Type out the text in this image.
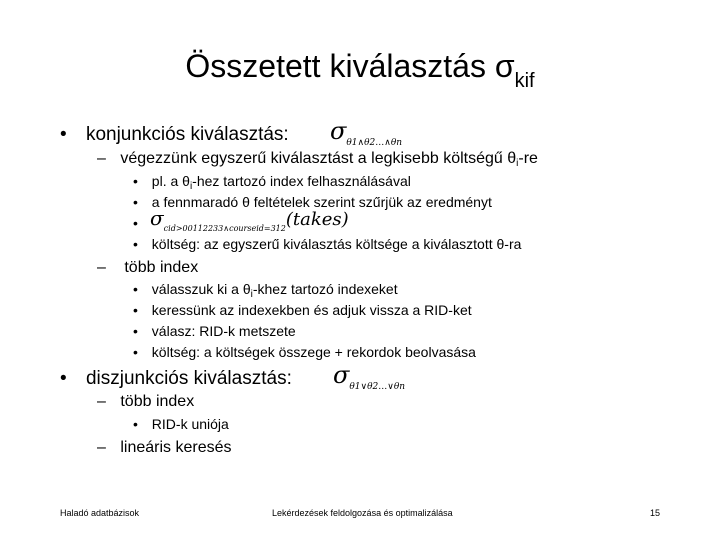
Összetett kiválasztás $\sigma_{kif}$
• konjunkciós kiválasztás: $\sigma_{\theta 1\wedge\theta 2\dots\wedge\theta n}$
– végezzünk egyszerű kiválasztást a legkisebb költségű θi-re
• pl. a $\theta_i$-hez tartozó index felhasználásával
• a fennmaradó θ feltételek szerint szűrjük az eredményt
• $\sigma_{cid>00112233\wedge courseid=312}(takes)$
• költség: az egyszerű kiválasztás költsége a kiválasztott θ-ra
– több index
• válasszuk ki a $\theta_i$-khez tartozó indexeket
• keressünk az indexekben és adjuk vissza a RID-ket
• válasz: RID-k metszete
• költség: a költségek összege + rekordok beolvasása
• diszjunkciós kiválasztás: $\sigma_{\theta 1\vee\theta 2\dots\vee\theta n}$
– több index
• RID-k uniója
– lineáris keresés
Haladó adatbázisok	Lekérdezések feldolgozása és optimalizálása	15
